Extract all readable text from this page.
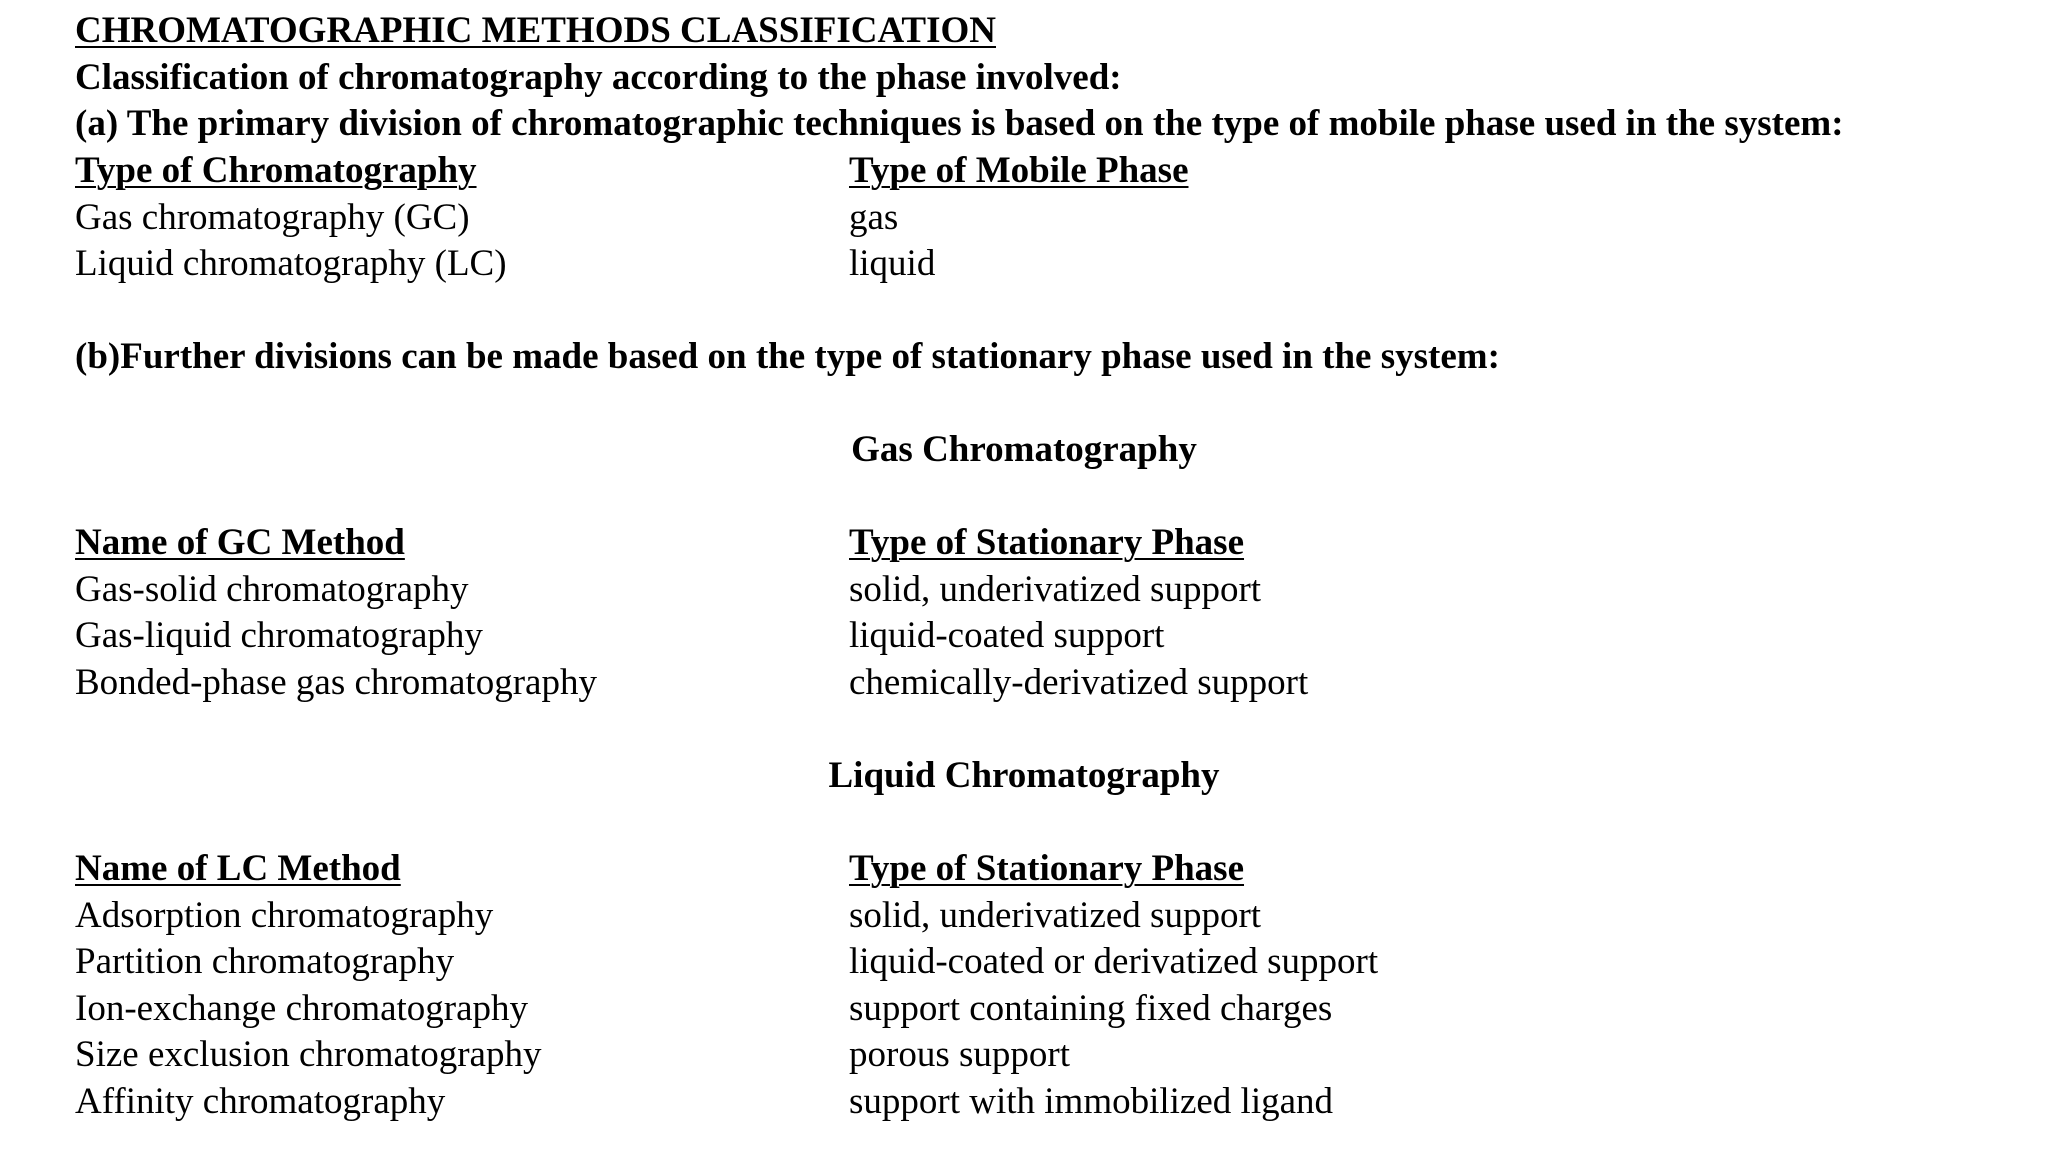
CHROMATOGRAPHIC METHODS CLASSIFICATION
Classification of chromatography according to the phase involved:
(a) The primary division of chromatographic techniques is based on the type of mobile phase used in the system:
Type of Chromatography	Type of Mobile Phase
Gas chromatography (GC)	gas
Liquid chromatography (LC)	liquid
(b)Further divisions can be made based on the type of stationary phase used in the system:
Gas Chromatography
Name of GC Method	Type of Stationary Phase
Gas-solid chromatography	solid, underivatized support
Gas-liquid chromatography	liquid-coated support
Bonded-phase gas chromatography	chemically-derivatized support
Liquid Chromatography
Name of LC Method	Type of Stationary Phase
Adsorption chromatography	solid, underivatized support
Partition chromatography	liquid-coated or derivatized support
Ion-exchange chromatography	support containing fixed charges
Size exclusion chromatography	porous support
Affinity chromatography	support with immobilized ligand
